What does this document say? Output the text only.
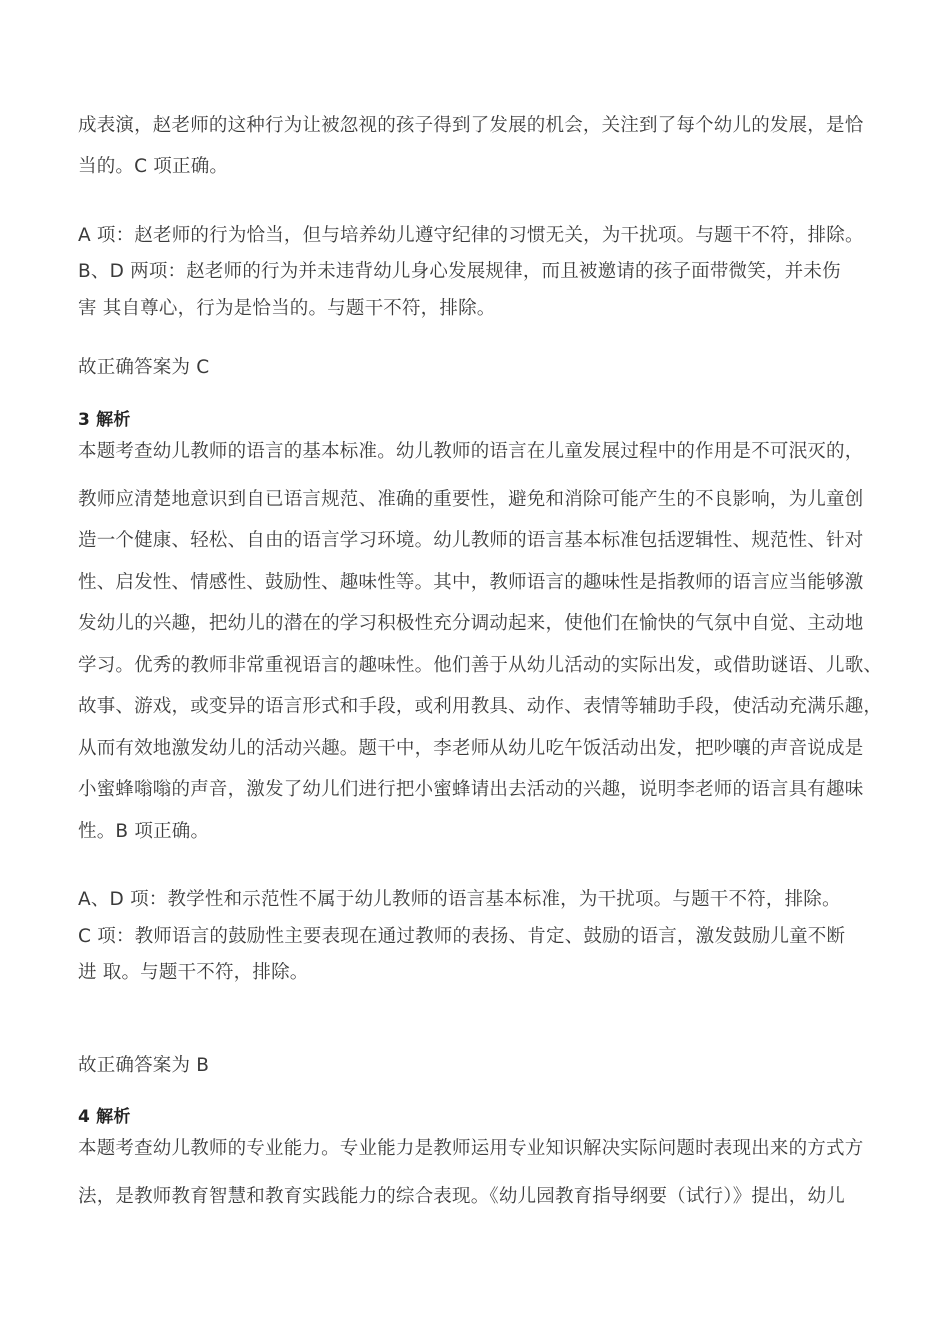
成表演，赵老师的这种行为让被忽视的孩子得到了发展的机会，关注到了每个幼儿的发展，是恰

当的。C 项正确。

A 项：赵老师的行为恰当，但与培养幼儿遵守纪律的习惯无关，为干扰项。与题干不符，排除。

B、D 两项：赵老师的行为并未违背幼儿身心发展规律，而且被邀请的孩子面带微笑，并未伤

害 其自尊心，行为是恰当的。与题干不符，排除。

故正确答案为 C

3 解析

本题考查幼儿教师的语言的基本标准。幼儿教师的语言在儿童发展过程中的作用是不可泯灭的，

教师应清楚地意识到自已语言规范、准确的重要性，避免和消除可能产生的不良影响，为儿童创

造一个健康、轻松、自由的语言学习环境。幼儿教师的语言基本标准包括逻辑性、规范性、针对

性、启发性、情感性、鼓励性、趣味性等。其中，教师语言的趣味性是指教师的语言应当能够激

发幼儿的兴趣，把幼儿的潜在的学习积极性充分调动起来，使他们在愉快的气氛中自觉、主动地

学习。优秀的教师非常重视语言的趣味性。他们善于从幼儿活动的实际出发，或借助谜语、儿歌、

故事、游戏，或变异的语言形式和手段，或利用教具、动作、表情等辅助手段，使活动充满乐趣，

从而有效地激发幼儿的活动兴趣。题干中，李老师从幼儿吃午饭活动出发，把吵嚷的声音说成是

小蜜蜂嗡嗡的声音，激发了幼儿们进行把小蜜蜂请出去活动的兴趣，说明李老师的语言具有趣味

性。B 项正确。

A、D 项：教学性和示范性不属于幼儿教师的语言基本标准，为干扰项。与题干不符，排除。

C 项：教师语言的鼓励性主要表现在通过教师的表扬、肯定、鼓励的语言，激发鼓励儿童不断

进 取。与题干不符，排除。

故正确答案为 B

4 解析

本题考查幼儿教师的专业能力。专业能力是教师运用专业知识解决实际问题时表现出来的方式方

法，是教师教育智慧和教育实践能力的综合表现。《幼儿园教育指导纲要（试行）》提出，幼儿
